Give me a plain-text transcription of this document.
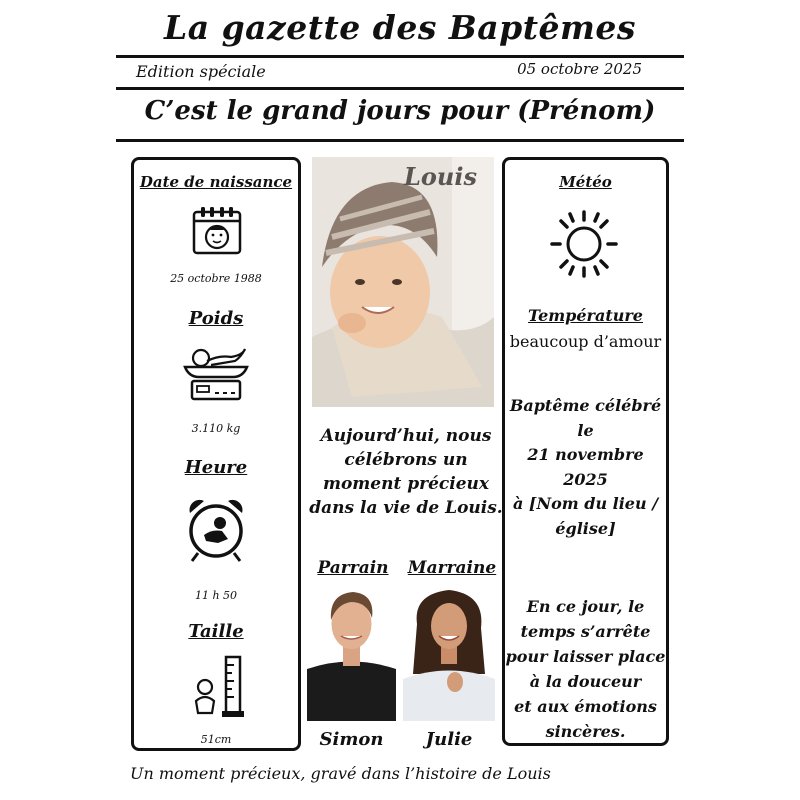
La gazette des Baptêmes
Edition spéciale	05 octobre 2025
C’est le grand jours pour (Prénom)
Date de naissance
25 octobre 1988
Poids
3.110 kg
Heure
11 h 50
Taille
51cm
Louis
Aujourd’hui, nous
célébrons un
moment précieux
dans la vie de Louis.
Parrain	Marraine
Simon	Julie
Météo
Température
beaucoup d’amour
Baptême célébré
le
21 novembre
2025
à [Nom du lieu /
église]
En ce jour, le
temps s’arrête
pour laisser place
à la douceur
et aux émotions
sincères.
Un moment précieux, gravé dans l’histoire de Louis
